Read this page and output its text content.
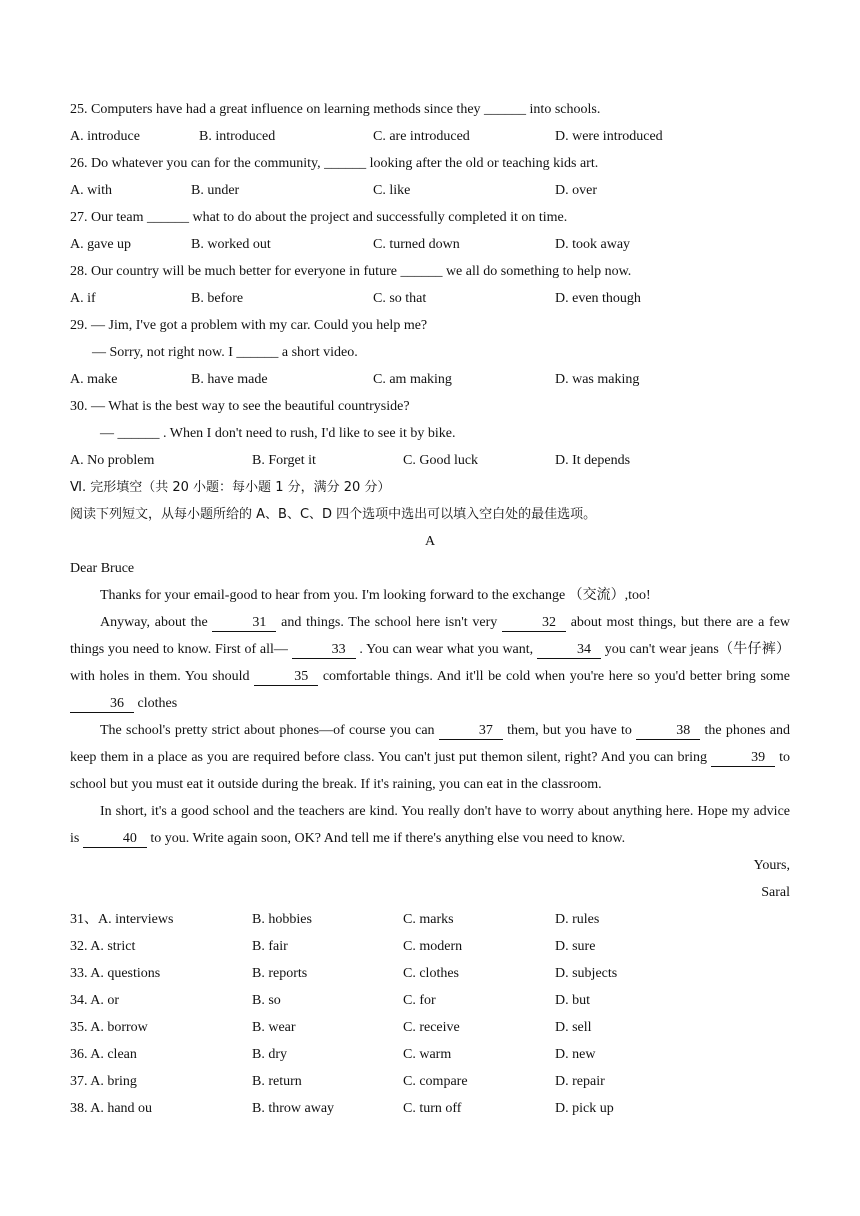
25. Computers have had a great influence on learning methods since they ______ into schools.
A. introduce	B. introduced	C. are introduced	D. were introduced
26. Do whatever you can for the community, ______ looking after the old or teaching kids art.
A. with	B. under	C. like	D. over
27. Our team ______ what to do about the project and successfully completed it on time.
A. gave up	B. worked out	C. turned down	D. took away
28. Our country will be much better for everyone in future ______ we all do something to help now.
A. if	B. before	C. so that	D. even though
29. — Jim, I've got a problem with my car. Could you help me?
— Sorry, not right now. I ______ a short video.
A. make	B. have made	C. am making	D. was making
30. — What is the best way to see the beautiful countryside?
— ______ . When I don't need to rush, I'd like to see it by bike.
A. No problem	B. Forget it	C. Good luck	D. It depends
Ⅵ. 完形填空（共 20 小题：每小题 1 分，满分 20 分）
阅读下列短文，从每小题所给的 A、B、C、D 四个选项中选出可以填入空白处的最佳选项。
A
Dear Bruce
Thanks for your email-good to hear from you. I'm looking forward to the exchange （交流）,too!

Anyway, about the	31 and things. The school here isn't very	32 about most things, but there are a few things you need to know. First of all—	33 . You can wear what you want,	34 you can't wear jeans（牛仔裤） with holes in them. You should	35 comfortable things. And it'll be cold when you're here so you'd better bring some 36 clothes

The school's pretty strict about phones—of course you can	37 them, but you have to	38 the phones and keep them in a place as you are required before class. You can't just put themon silent, right? And you can bring	39 to school but you must eat it outside during the break. If it's raining, you can eat in the classroom.

In short, it's a good school and the teachers are kind. You really don't have to worry about anything here. Hope my advice is	40 to you. Write again soon, OK? And tell me if there's anything else vou need to know.

Yours,
Saral
31、A. interviews	B. hobbies	C. marks	D. rules
32. A. strict	B. fair	C. modern	D. sure
33. A. questions	B. reports	C. clothes	D. subjects
34. A. or	B. so	C. for	D. but
35. A. borrow	B. wear	C. receive	D. sell
36. A. clean	B. dry	C. warm	D. new
37. A. bring	B. return	C. compare	D. repair
38. A. hand ou	B. throw away	C. turn off	D. pick up
